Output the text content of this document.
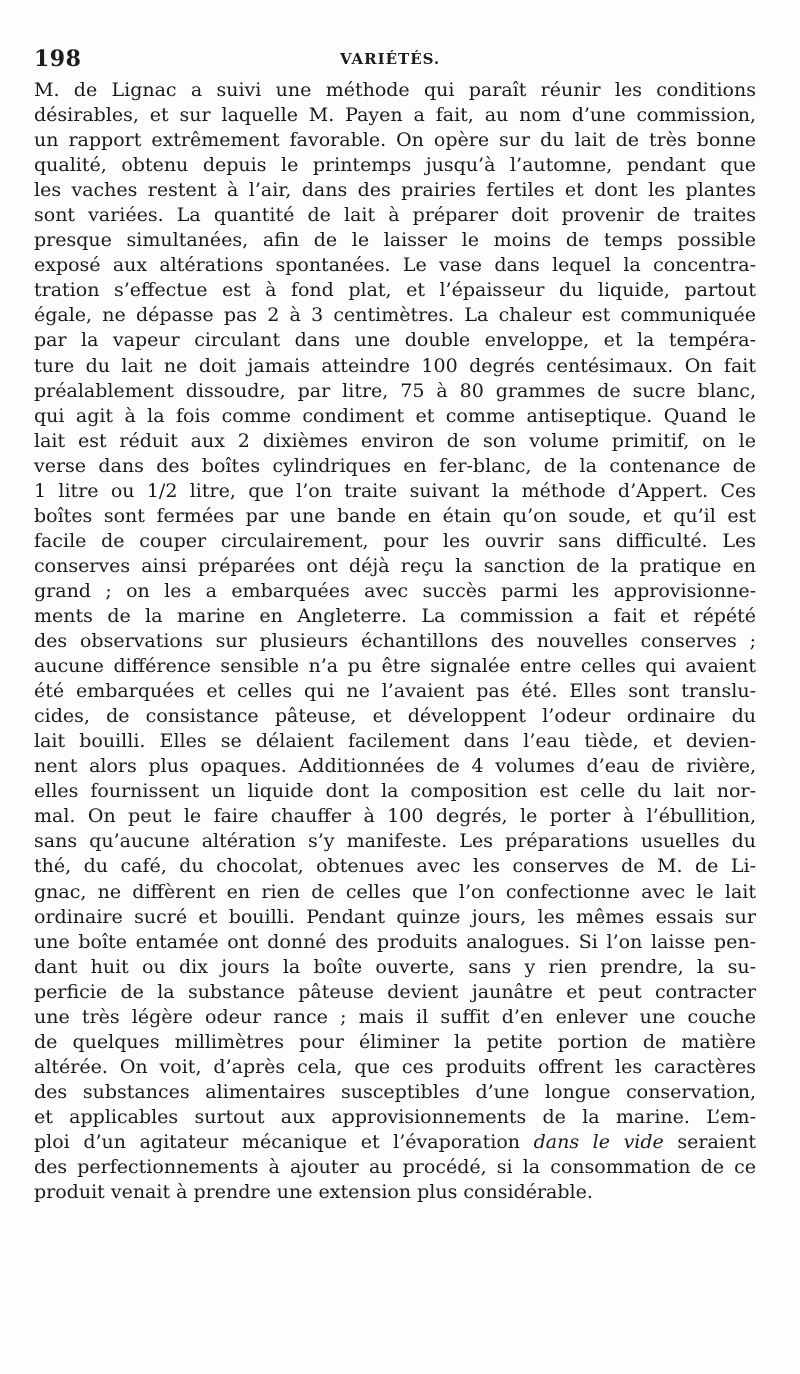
198	VARIÉTÉS.
M. de Lignac a suivi une méthode qui paraît réunir les conditions
désirables, et sur laquelle M. Payen a fait, au nom d’une commission,
un rapport extrêmement favorable. On opère sur du lait de très bonne
qualité, obtenu depuis le printemps jusqu’à l’automne, pendant que
les vaches restent à l’air, dans des prairies fertiles et dont les plantes
sont variées. La quantité de lait à préparer doit provenir de traites
presque simultanées, afin de le laisser le moins de temps possible
exposé aux altérations spontanées. Le vase dans lequel la concentra-
tration s’effectue est à fond plat, et l’épaisseur du liquide, partout
égale, ne dépasse pas 2 à 3 centimètres. La chaleur est communiquée
par la vapeur circulant dans une double enveloppe, et la tempéra-
ture du lait ne doit jamais atteindre 100 degrés centésimaux. On fait
préalablement dissoudre, par litre, 75 à 80 grammes de sucre blanc,
qui agit à la fois comme condiment et comme antiseptique. Quand le
lait est réduit aux 2 dixièmes environ de son volume primitif, on le
verse dans des boîtes cylindriques en fer-blanc, de la contenance de
1 litre ou 1/2 litre, que l’on traite suivant la méthode d’Appert. Ces
boîtes sont fermées par une bande en étain qu’on soude, et qu’il est
facile de couper circulairement, pour les ouvrir sans difficulté. Les
conserves ainsi préparées ont déjà reçu la sanction de la pratique en
grand ; on les a embarquées avec succès parmi les approvisionne-
ments de la marine en Angleterre. La commission a fait et répété
des observations sur plusieurs échantillons des nouvelles conserves ;
aucune différence sensible n’a pu être signalée entre celles qui avaient
été embarquées et celles qui ne l’avaient pas été. Elles sont translu-
cides, de consistance pâteuse, et développent l’odeur ordinaire du
lait bouilli. Elles se délaient facilement dans l’eau tiède, et devien-
nent alors plus opaques. Additionnées de 4 volumes d’eau de rivière,
elles fournissent un liquide dont la composition est celle du lait nor-
mal. On peut le faire chauffer à 100 degrés, le porter à l’ébullition,
sans qu’aucune altération s’y manifeste. Les préparations usuelles du
thé, du café, du chocolat, obtenues avec les conserves de M. de Li-
gnac, ne diffèrent en rien de celles que l’on confectionne avec le lait
ordinaire sucré et bouilli. Pendant quinze jours, les mêmes essais sur
une boîte entamée ont donné des produits analogues. Si l’on laisse pen-
dant huit ou dix jours la boîte ouverte, sans y rien prendre, la su-
perficie de la substance pâteuse devient jaunâtre et peut contracter
une très légère odeur rance ; mais il suffit d’en enlever une couche
de quelques millimètres pour éliminer la petite portion de matière
altérée. On voit, d’après cela, que ces produits offrent les caractères
des substances alimentaires susceptibles d’une longue conservation,
et applicables surtout aux approvisionnements de la marine. L’em-
ploi d’un agitateur mécanique et l’évaporation dans le vide seraient
des perfectionnements à ajouter au procédé, si la consommation de ce
produit venait à prendre une extension plus considérable.
